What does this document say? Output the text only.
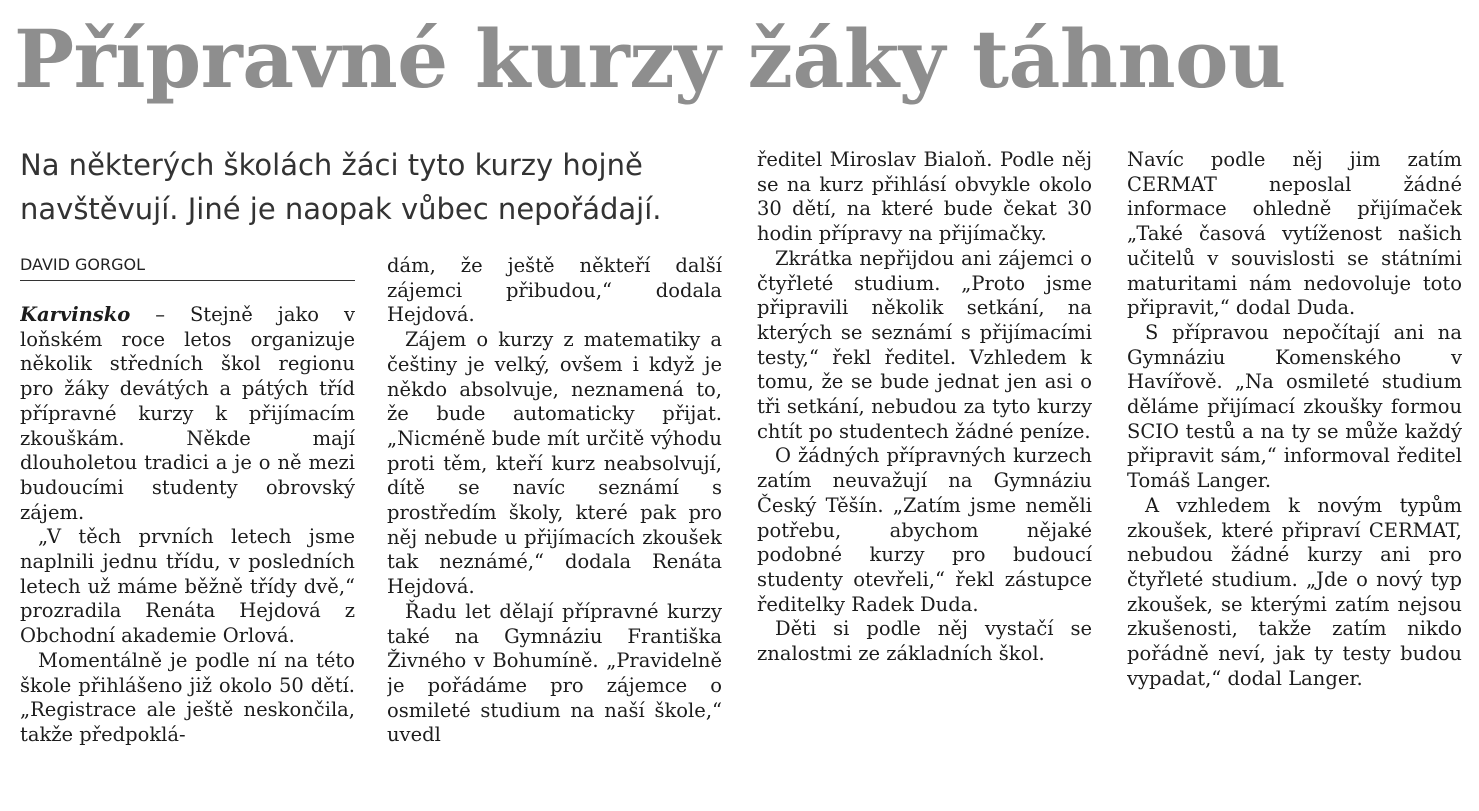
Přípravné kurzy žáky táhnou

Na některých školách žáci tyto kurzy hojně

navštěvují. Jiné je naopak vůbec nepořádají.

DAVID GORGOL

Karvinsko – Stejně jako v loňském roce letos organizuje několik středních škol regionu pro žáky devátých a pátých tříd přípravné kurzy k přijímacím zkouškám. Někde mají dlouholetou tradici a je o ně mezi budoucími studenty obrovský zájem.

„V těch prvních letech jsme naplnili jednu třídu, v posledních letech už máme běžně třídy dvě,“ prozradila Renáta Hejdová z Obchodní akademie Orlová.

Momentálně je podle ní na této škole přihlášeno již okolo 50 dětí. „Registrace ale ještě neskončila, takže předpoklá-

dám, že ještě někteří další zájemci přibudou,“ dodala Hejdová.

Zájem o kurzy z matematiky a češtiny je velký, ovšem i když je někdo absolvuje, neznamená to, že bude automaticky přijat. „Nicméně bude mít určitě výhodu proti těm, kteří kurz neabsolvují, dítě se navíc seznámí s prostředím školy, které pak pro něj nebude u přijímacích zkoušek tak neznámé,“ dodala Renáta Hejdová.

Řadu let dělají přípravné kurzy také na Gymnáziu Františka Živného v Bohumíně. „Pravidelně je pořádáme pro zájemce o osmileté studium na naší škole,“ uvedl

ředitel Miroslav Bialoň. Podle něj se na kurz přihlásí obvykle okolo 30 dětí, na které bude čekat 30 hodin přípravy na přijímačky.

Zkrátka nepřijdou ani zájemci o čtyřleté studium. „Proto jsme připravili několik setkání, na kterých se seznámí s přijímacími testy,“ řekl ředitel. Vzhledem k tomu, že se bude jednat jen asi o tři setkání, nebudou za tyto kurzy chtít po studentech žádné peníze.

O žádných přípravných kurzech zatím neuvažují na Gymnáziu Český Těšín. „Zatím jsme neměli potřebu, abychom nějaké podobné kurzy pro budoucí studenty otevřeli,“ řekl zástupce ředitelky Radek Duda.

Děti si podle něj vystačí se znalostmi ze základních škol.

Navíc podle něj jim zatím CERMAT neposlal žádné informace ohledně přijímaček „Také časová vytíženost našich učitelů v souvislosti se státními maturitami nám nedovoluje toto připravit,“ dodal Duda.

S přípravou nepočítají ani na Gymnáziu Komenského v Havířově. „Na osmileté studium děláme přijímací zkoušky formou SCIO testů a na ty se může každý připravit sám,“ informoval ředitel Tomáš Langer.

A vzhledem k novým typům zkoušek, které připraví CERMAT, nebudou žádné kurzy ani pro čtyřleté studium. „Jde o nový typ zkoušek, se kterými zatím nejsou zkušenosti, takže zatím nikdo pořádně neví, jak ty testy budou vypadat,“ dodal Langer.
